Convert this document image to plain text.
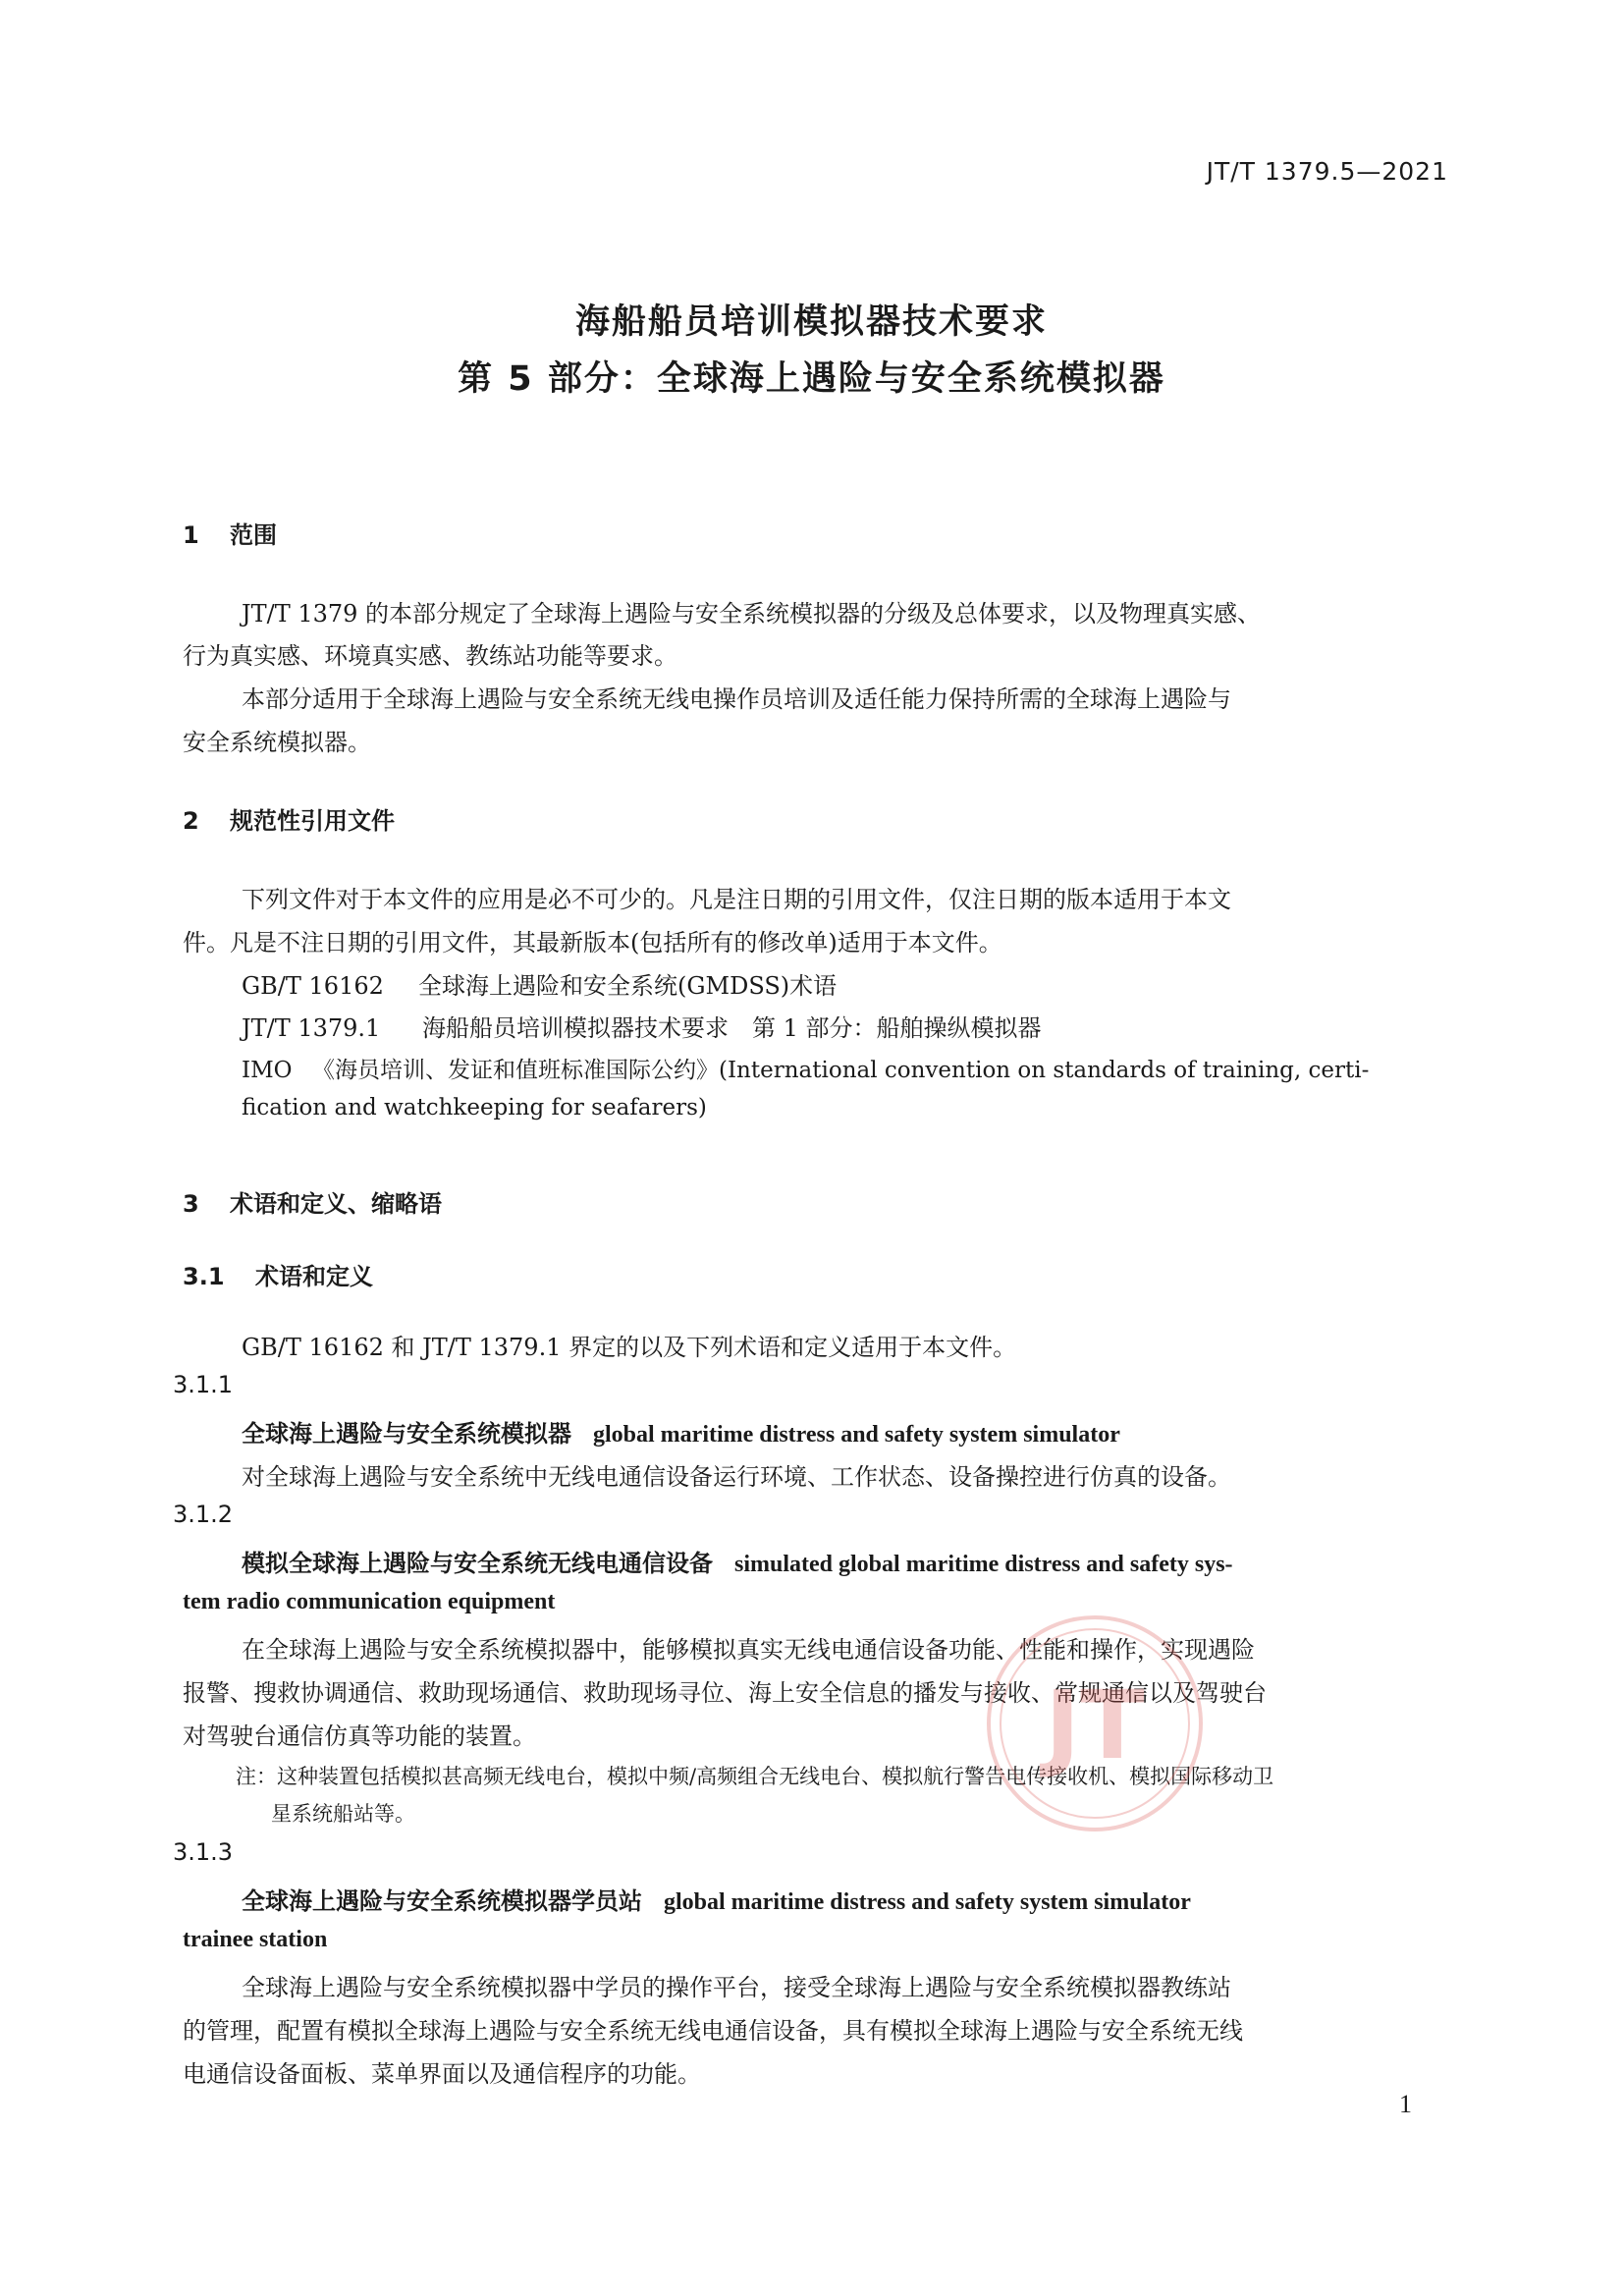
JT/T 1379.5—2021
海船船员培训模拟器技术要求
第 5 部分：全球海上遇险与安全系统模拟器
1 范围
JT/T 1379 的本部分规定了全球海上遇险与安全系统模拟器的分级及总体要求，以及物理真实感、
行为真实感、环境真实感、教练站功能等要求。
本部分适用于全球海上遇险与安全系统无线电操作员培训及适任能力保持所需的全球海上遇险与
安全系统模拟器。
2 规范性引用文件
下列文件对于本文件的应用是必不可少的。凡是注日期的引用文件，仅注日期的版本适用于本文
件。凡是不注日期的引用文件，其最新版本(包括所有的修改单)适用于本文件。
GB/T 16162 全球海上遇险和安全系统(GMDSS)术语
JT/T 1379.1 海船船员培训模拟器技术要求　第 1 部分：船舶操纵模拟器
IMO 《海员培训、发证和值班标准国际公约》(International convention on standards of training, certi-
fication and watchkeeping for seafarers)
3 术语和定义、缩略语
3.1 术语和定义
GB/T 16162 和 JT/T 1379.1 界定的以及下列术语和定义适用于本文件。
3.1.1
全球海上遇险与安全系统模拟器 global maritime distress and safety system simulator
对全球海上遇险与安全系统中无线电通信设备运行环境、工作状态、设备操控进行仿真的设备。
3.1.2
模拟全球海上遇险与安全系统无线电通信设备 simulated global maritime distress and safety sys-
tem radio communication equipment
在全球海上遇险与安全系统模拟器中，能够模拟真实无线电通信设备功能、性能和操作，实现遇险
报警、搜救协调通信、救助现场通信、救助现场寻位、海上安全信息的播发与接收、常规通信以及驾驶台
对驾驶台通信仿真等功能的装置。
注：这种装置包括模拟甚高频无线电台，模拟中频/高频组合无线电台、模拟航行警告电传接收机、模拟国际移动卫
星系统船站等。
3.1.3
全球海上遇险与安全系统模拟器学员站 global maritime distress and safety system simulator
trainee station
全球海上遇险与安全系统模拟器中学员的操作平台，接受全球海上遇险与安全系统模拟器教练站
的管理，配置有模拟全球海上遇险与安全系统无线电通信设备，具有模拟全球海上遇险与安全系统无线
电通信设备面板、菜单界面以及通信程序的功能。
JT
1
